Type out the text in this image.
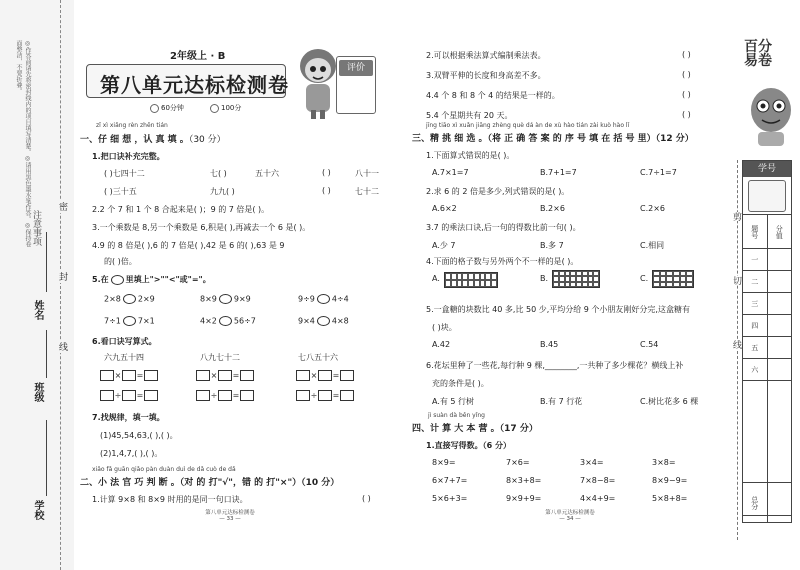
◎作答前请先将密封线内的项目填写清楚。◎请用黑色墨水笔作答。◎保持卷面整洁，不要折叠。
注意事项
密
封
线
姓名
班级
学校
2年级上 · B
第八单元达标检测卷
60分钟	100分
评价
zǐ xì xiǎng rèn zhēn tián
一、仔 细 想 ，认 真 填 。（30 分）
1.把口诀补充完整。
( )七四十二	七( )	五十六	( )	八十一
( )三十五	九九( )	( )	七十二
2.2 个 7 和 1 个 8 合起来是( )；9 的 7 倍是( )。
3.一个乘数是 8,另一个乘数是 6,积是( ),再减去一个 6 是( )。
4.9 的 8 倍是( ),6 的 7 倍是( ),42 是 6 的( ),63 是 9
的( )倍。
5.在 里填上">""<"或"="。
2×8 2×9	8×9 9×9	9÷9 4÷4
7÷1 7×1	4×2 56÷7	9×4 4×8
6.看口诀写算式。
六九五十四	八九七十二	七八五十六
× =	× =	× =
÷ =	÷ =	÷ =
7.找规律，填一填。
(1)45,54,63,( ),( )。
(2)1,4,7,( ),( )。
xiǎo fǎ guān qiǎo pàn duàn duì de dǎ cuò de dǎ
二、小 法 官 巧 判 断 。（对 的 打"√"，错 的 打"×"）（10 分）
1.计算 9×8 和 8×9 时用的是同一句口诀。	( )
第八单元达标检测卷
— 33 —
2.可以根据乘法算式编制乘法表。	( )
3.双臂平伸的长度和身高差不多。	( )
4.4 个 8 和 8 个 4 的结果是一样的。	( )
5.4 个星期共有 20 天。	( )
jīng tiāo xì xuǎn jiāng zhèng què dá àn de xù hào tián zài kuò hào lǐ
三、精 挑 细 选 。（将 正 确 答 案 的 序 号 填 在 括 号 里）（12 分）
1.下面算式错误的是( )。
A.7×1=7	B.7+1=7	C.7÷1=7
2.求 6 的 2 倍是多少,列式错误的是( )。
A.6×2	B.2×6	C.2×6
3.7 的乘法口诀,后一句的得数比前一句( )。
A.少 7	B.多 7	C.相同
4.下面的格子数与另外两个不一样的是( )。
A.	B.	C.
5.一盒糖的块数比 40 多,比 50 少,平均分给 9 个小朋友刚好分完,这盒糖有
( )块。
A.42	B.45	C.54
6.花坛里种了一些花,每行种 9 棵,________,一共种了多少棵花？横线上补
充的条件是( )。
A.有 5 行树	B.有 7 行花	C.树比花多 6 棵
jì suàn dà běn yǐng
四、计 算 大 本 营 。（17 分）
1.直接写得数。（6 分）
8×9=	7×6=	3×4=	3×8=
6×7+7=	8×3+8=	7×8−8=	8×9−9=
5×6+3=	9×9+9=	4×4+9=	5×8+8=
第八单元达标检测卷
— 34 —
百分
易卷
剪
切
线
学号
题号	分值
一	
二	
三	
四	
五	
六	

总分	
